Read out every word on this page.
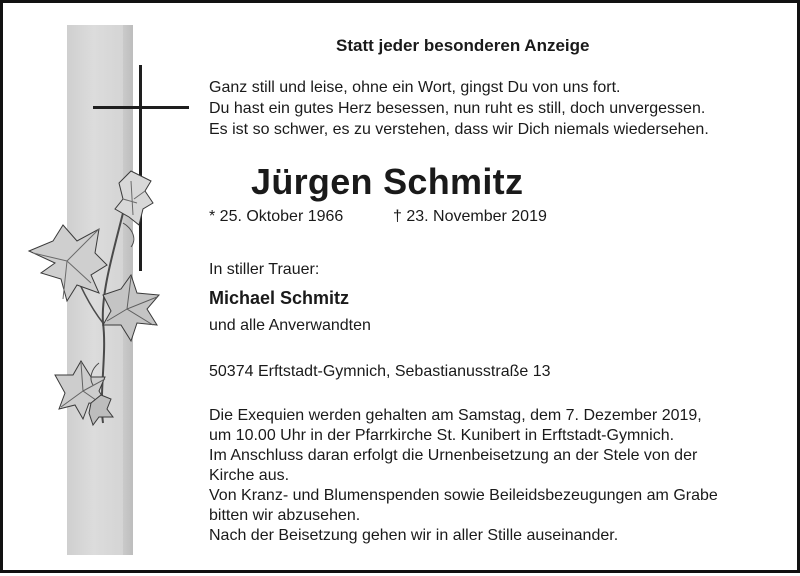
Statt jeder besonderen Anzeige
Ganz still und leise, ohne ein Wort, gingst Du von uns fort.
Du hast ein gutes Herz besessen, nun ruht es still, doch unvergessen.
Es ist so schwer, es zu verstehen, dass wir Dich niemals wiedersehen.
Jürgen Schmitz
* 25. Oktober 1966	† 23. November 2019
In stiller Trauer:
Michael Schmitz
und alle Anverwandten
50374 Erftstadt-Gymnich, Sebastianusstraße 13
Die Exequien werden gehalten am Samstag, dem 7. Dezember 2019,
um 10.00 Uhr in der Pfarrkirche St. Kunibert in Erftstadt-Gymnich.
Im Anschluss daran erfolgt die Urnenbeisetzung an der Stele von der
Kirche aus.
Von Kranz- und Blumenspenden sowie Beileidsbezeugungen am Grabe
bitten wir abzusehen.
Nach der Beisetzung gehen wir in aller Stille auseinander.
